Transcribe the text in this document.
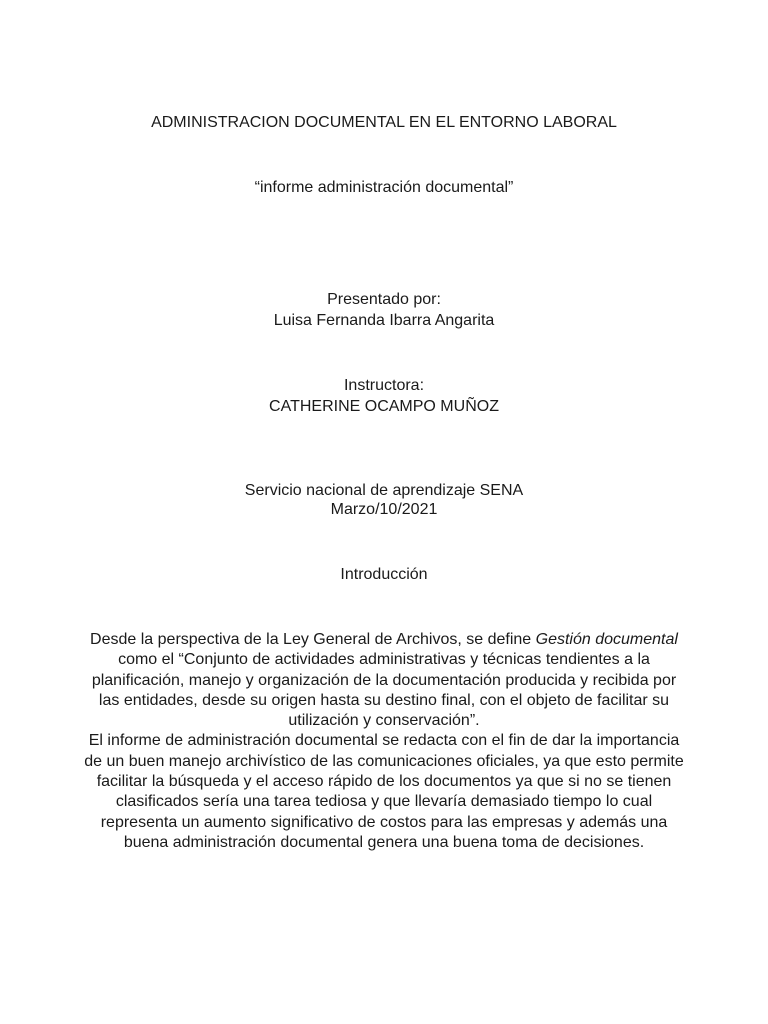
ADMINISTRACION DOCUMENTAL EN EL ENTORNO LABORAL
“informe administración documental”
Presentado por:
Luisa Fernanda Ibarra Angarita
Instructora:
CATHERINE OCAMPO MUÑOZ
Servicio nacional de aprendizaje SENA
Marzo/10/2021
Introducción
Desde la perspectiva de la Ley General de Archivos, se define Gestión documental como el “Conjunto de actividades administrativas y técnicas tendientes a la planificación, manejo y organización de la documentación producida y recibida por las entidades, desde su origen hasta su destino final, con el objeto de facilitar su utilización y conservación”.
El informe de administración documental se redacta con el fin de dar la importancia de un buen manejo archivístico de las comunicaciones oficiales, ya que esto permite facilitar la búsqueda y el acceso rápido de los documentos ya que si no se tienen clasificados sería una tarea tediosa y que llevaría demasiado tiempo lo cual representa un aumento significativo de costos para las empresas y además una buena administración documental genera una buena toma de decisiones.
